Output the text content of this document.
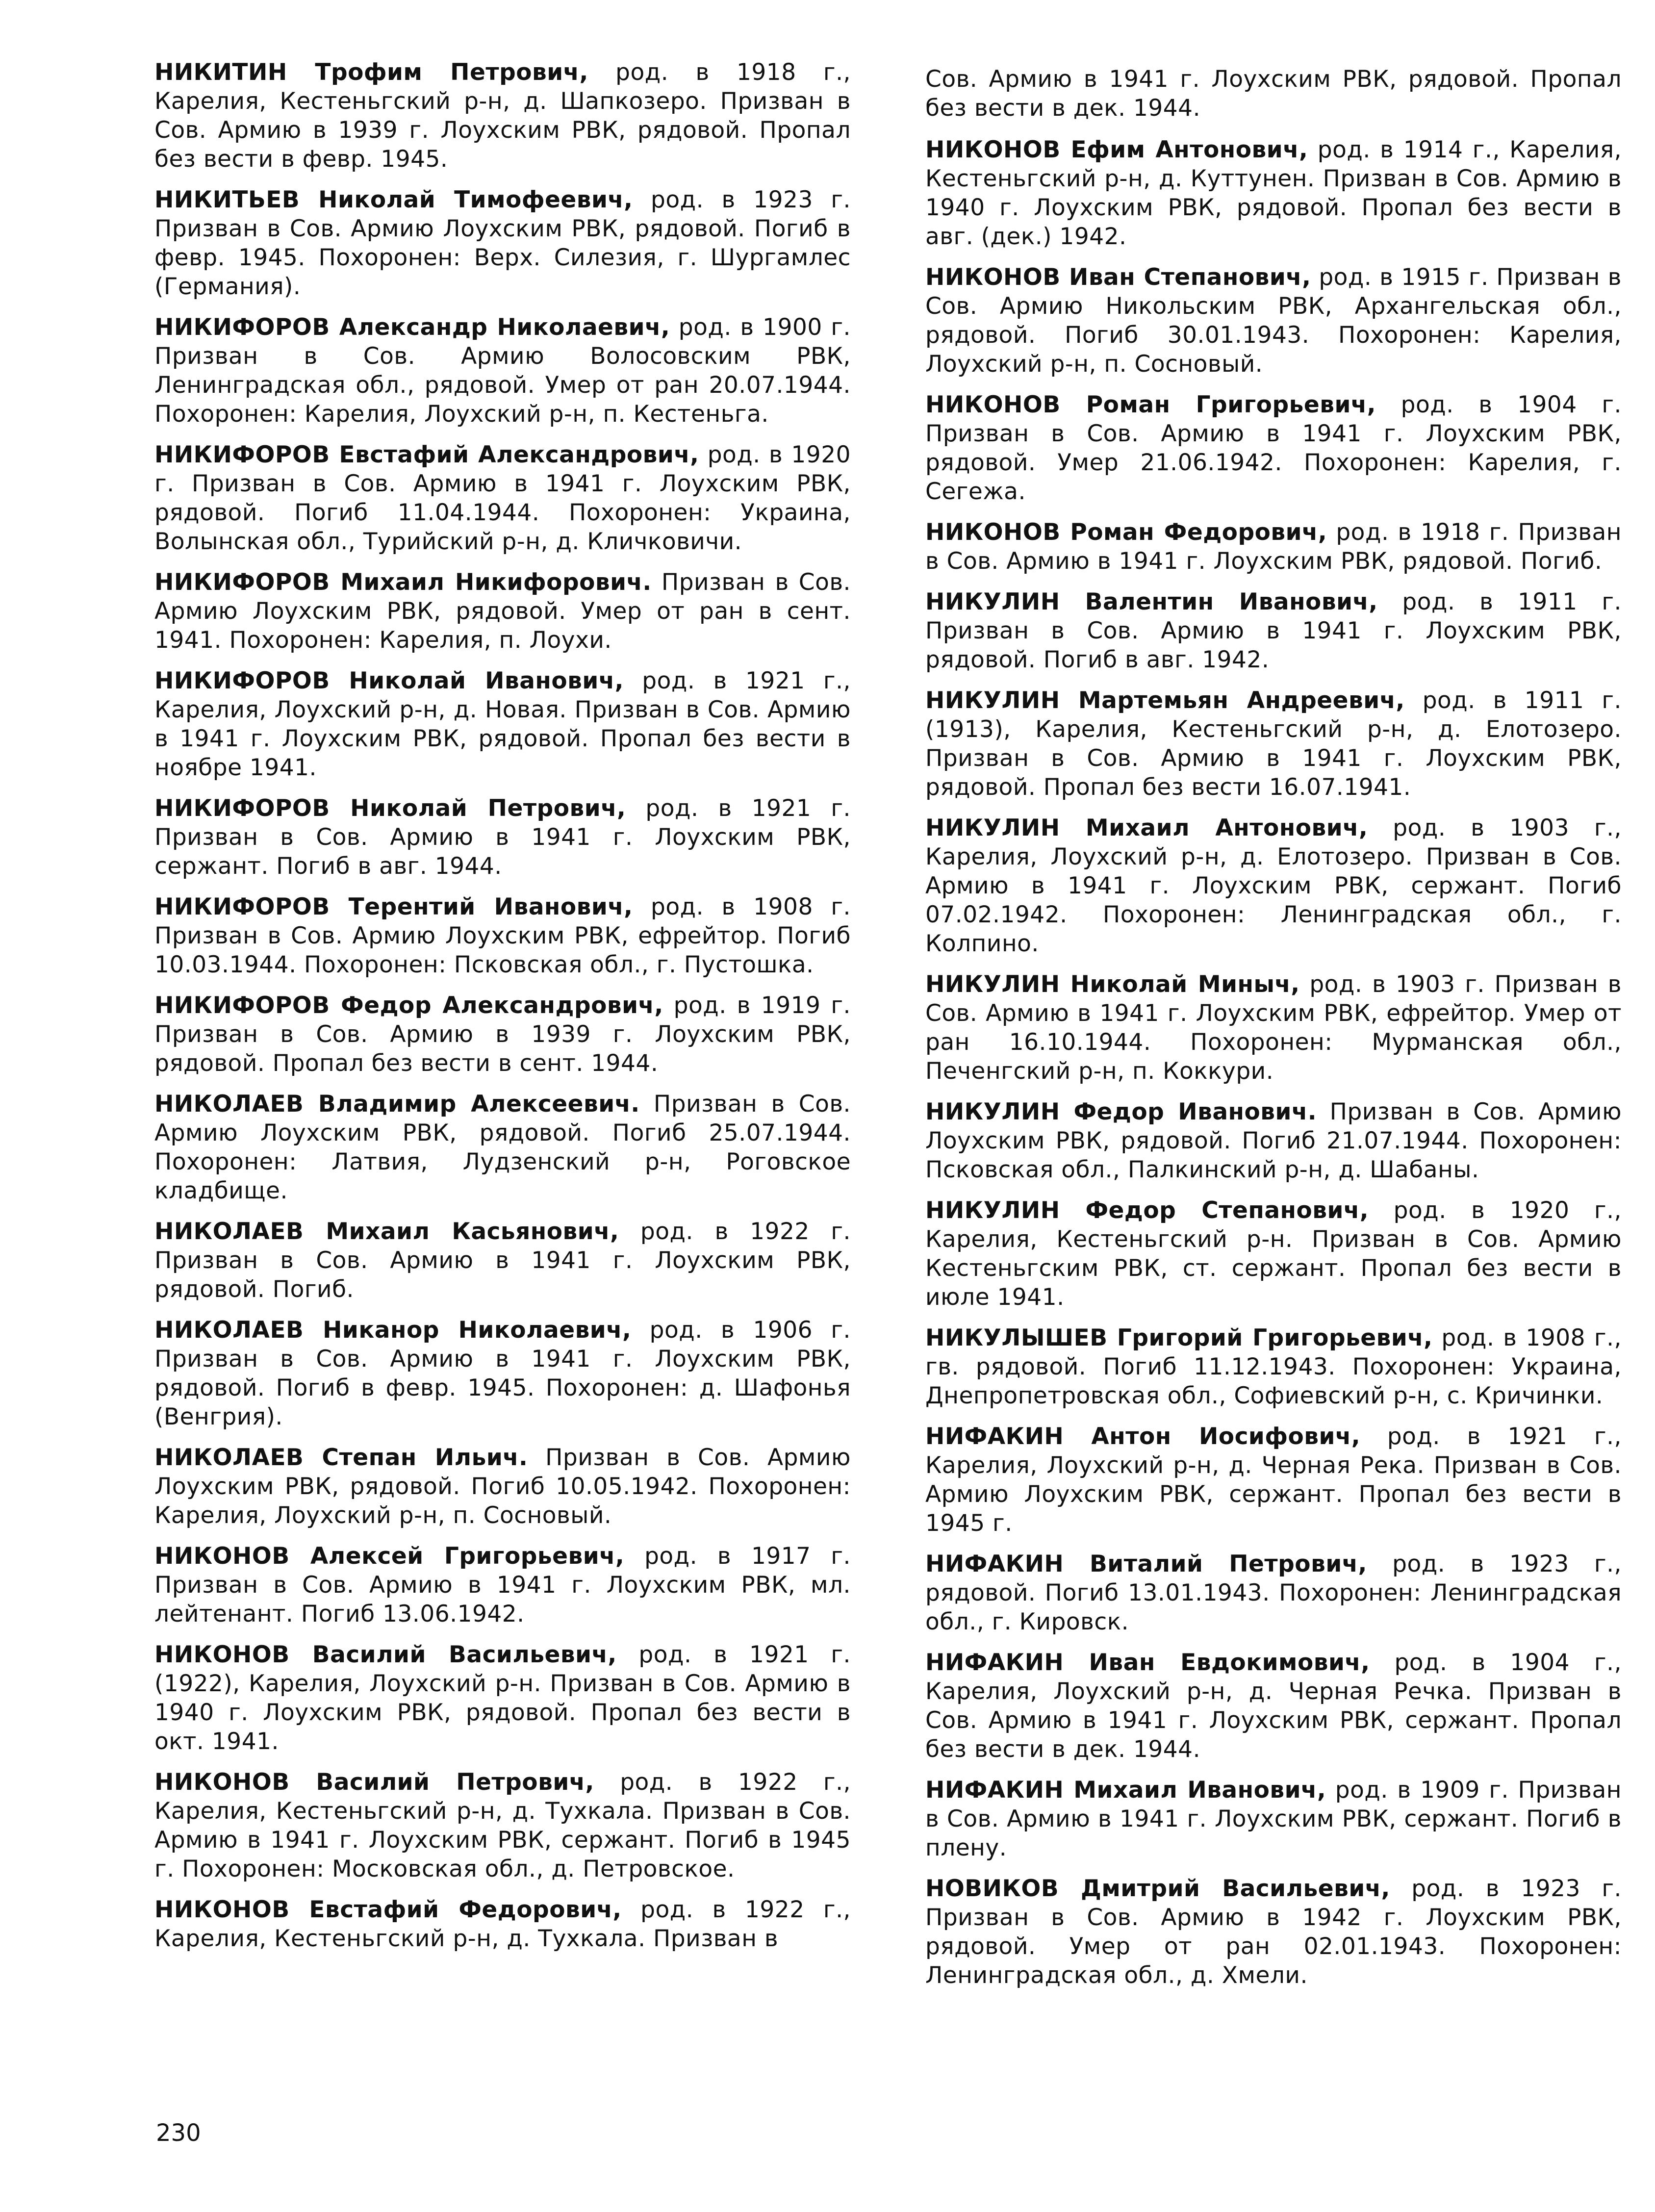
НИКИТИН Трофим Петрович, род. в 1918 г., Карелия, Кестеньгский р-н, д. Шапкозеро. Призван в Сов. Армию в 1939 г. Лоухским РВК, рядовой. Пропал без вести в февр. 1945.

НИКИТЬЕВ Николай Тимофеевич, род. в 1923 г. Призван в Сов. Армию Лоухским РВК, рядовой. Погиб в февр. 1945. Похоронен: Верх. Силезия, г. Шургамлес (Германия).

НИКИФОРОВ Александр Николаевич, род. в 1900 г. Призван в Сов. Армию Волосовским РВК, Ленинградская обл., рядовой. Умер от ран 20.07.1944. Похоронен: Карелия, Лоухский р-н, п. Кестеньга.

НИКИФОРОВ Евстафий Александрович, род. в 1920 г. Призван в Сов. Армию в 1941 г. Лоухским РВК, рядовой. Погиб 11.04.1944. Похоронен: Украина, Волынская обл., Турийский р-н, д. Кличковичи.

НИКИФОРОВ Михаил Никифорович. Призван в Сов. Армию Лоухским РВК, рядовой. Умер от ран в сент. 1941. Похоронен: Карелия, п. Лоухи.

НИКИФОРОВ Николай Иванович, род. в 1921 г., Карелия, Лоухский р-н, д. Новая. Призван в Сов. Армию в 1941 г. Лоухским РВК, рядовой. Пропал без вести в ноябре 1941.

НИКИФОРОВ Николай Петрович, род. в 1921 г. Призван в Сов. Армию в 1941 г. Лоухским РВК, сержант. Погиб в авг. 1944.

НИКИФОРОВ Терентий Иванович, род. в 1908 г. Призван в Сов. Армию Лоухским РВК, ефрейтор. Погиб 10.03.1944. Похоронен: Псковская обл., г. Пустошка.

НИКИФОРОВ Федор Александрович, род. в 1919 г. Призван в Сов. Армию в 1939 г. Лоухским РВК, рядовой. Пропал без вести в сент. 1944.

НИКОЛАЕВ Владимир Алексеевич. Призван в Сов. Армию Лоухским РВК, рядовой. Погиб 25.07.1944. Похоронен: Латвия, Лудзенский р-н, Роговское кладбище.

НИКОЛАЕВ Михаил Касьянович, род. в 1922 г. Призван в Сов. Армию в 1941 г. Лоухским РВК, рядовой. Погиб.

НИКОЛАЕВ Никанор Николаевич, род. в 1906 г. Призван в Сов. Армию в 1941 г. Лоухским РВК, рядовой. Погиб в февр. 1945. Похоронен: д. Шафонья (Венгрия).

НИКОЛАЕВ Степан Ильич. Призван в Сов. Армию Лоухским РВК, рядовой. Погиб 10.05.1942. Похоронен: Карелия, Лоухский р-н, п. Сосновый.

НИКОНОВ Алексей Григорьевич, род. в 1917 г. Призван в Сов. Армию в 1941 г. Лоухским РВК, мл. лейтенант. Погиб 13.06.1942.

НИКОНОВ Василий Васильевич, род. в 1921 г. (1922), Карелия, Лоухский р-н. Призван в Сов. Армию в 1940 г. Лоухским РВК, рядовой. Пропал без вести в окт. 1941.

НИКОНОВ Василий Петрович, род. в 1922 г., Карелия, Кестеньгский р-н, д. Тухкала. Призван в Сов. Армию в 1941 г. Лоухским РВК, сержант. Погиб в 1945 г. Похоронен: Московская обл., д. Петровское.

НИКОНОВ Евстафий Федорович, род. в 1922 г., Карелия, Кестеньгский р-н, д. Тухкала. Призван в

Сов. Армию в 1941 г. Лоухским РВК, рядовой. Пропал без вести в дек. 1944.

НИКОНОВ Ефим Антонович, род. в 1914 г., Карелия, Кестеньгский р-н, д. Куттунен. Призван в Сов. Армию в 1940 г. Лоухским РВК, рядовой. Пропал без вести в авг. (дек.) 1942.

НИКОНОВ Иван Степанович, род. в 1915 г. Призван в Сов. Армию Никольским РВК, Архангельская обл., рядовой. Погиб 30.01.1943. Похоронен: Карелия, Лоухский р-н, п. Сосновый.

НИКОНОВ Роман Григорьевич, род. в 1904 г. Призван в Сов. Армию в 1941 г. Лоухским РВК, рядовой. Умер 21.06.1942. Похоронен: Карелия, г. Сегежа.

НИКОНОВ Роман Федорович, род. в 1918 г. Призван в Сов. Армию в 1941 г. Лоухским РВК, рядовой. Погиб.

НИКУЛИН Валентин Иванович, род. в 1911 г. Призван в Сов. Армию в 1941 г. Лоухским РВК, рядовой. Погиб в авг. 1942.

НИКУЛИН Мартемьян Андреевич, род. в 1911 г. (1913), Карелия, Кестеньгский р-н, д. Елотозеро. Призван в Сов. Армию в 1941 г. Лоухским РВК, рядовой. Пропал без вести 16.07.1941.

НИКУЛИН Михаил Антонович, род. в 1903 г., Карелия, Лоухский р-н, д. Елотозеро. Призван в Сов. Армию в 1941 г. Лоухским РВК, сержант. Погиб 07.02.1942. Похоронен: Ленинградская обл., г. Колпино.

НИКУЛИН Николай Миныч, род. в 1903 г. Призван в Сов. Армию в 1941 г. Лоухским РВК, ефрейтор. Умер от ран 16.10.1944. Похоронен: Мурманская обл., Печенгский р-н, п. Коккури.

НИКУЛИН Федор Иванович. Призван в Сов. Армию Лоухским РВК, рядовой. Погиб 21.07.1944. Похоронен: Псковская обл., Палкинский р-н, д. Шабаны.

НИКУЛИН Федор Степанович, род. в 1920 г., Карелия, Кестеньгский р-н. Призван в Сов. Армию Кестеньгским РВК, ст. сержант. Пропал без вести в июле 1941.

НИКУЛЫШЕВ Григорий Григорьевич, род. в 1908 г., гв. рядовой. Погиб 11.12.1943. Похоронен: Украина, Днепропетровская обл., Софиевский р-н, с. Кричинки.

НИФАКИН Антон Иосифович, род. в 1921 г., Карелия, Лоухский р-н, д. Черная Река. Призван в Сов. Армию Лоухским РВК, сержант. Пропал без вести в 1945 г.

НИФАКИН Виталий Петрович, род. в 1923 г., рядовой. Погиб 13.01.1943. Похоронен: Ленинградская обл., г. Кировск.

НИФАКИН Иван Евдокимович, род. в 1904 г., Карелия, Лоухский р-н, д. Черная Речка. Призван в Сов. Армию в 1941 г. Лоухским РВК, сержант. Пропал без вести в дек. 1944.

НИФАКИН Михаил Иванович, род. в 1909 г. Призван в Сов. Армию в 1941 г. Лоухским РВК, сержант. Погиб в плену.

НОВИКОВ Дмитрий Васильевич, род. в 1923 г. Призван в Сов. Армию в 1942 г. Лоухским РВК, рядовой. Умер от ран 02.01.1943. Похоронен: Ленинградская обл., д. Хмели.

230
